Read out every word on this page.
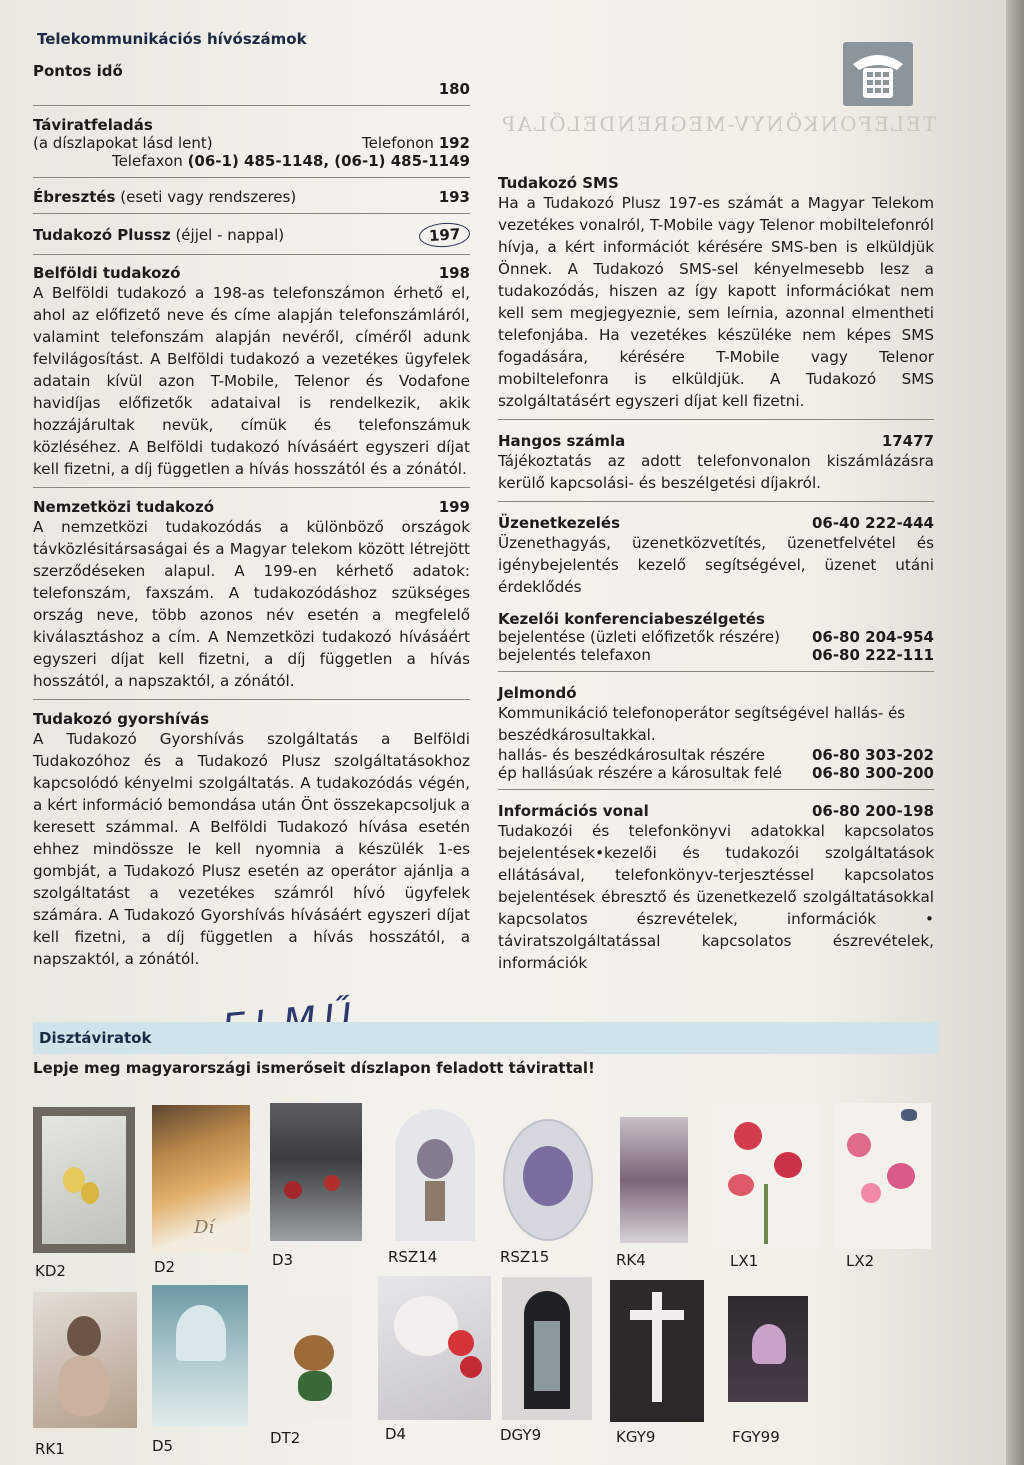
TELEFONKÖNYV-MEGRENDELŐLAP
Telekommunikációs hívószámok
Pontos idő
180
Táviratfeladás
(a díszlapokat lásd lent)	Telefonon 192
Telefaxon (06-1) 485-1148, (06-1) 485-1149
Ébresztés (eseti vagy rendszeres)	193
Tudakozó Plussz (éjjel - nappal)	197
Belföldi tudakozó	198
A Belföldi tudakozó a 198-as telefonszámon érhető el, ahol az előfizető neve és címe alapján telefonszámláról, valamint telefonszám alapján nevéről, címéről adunk felvilágosítást. A Belföldi tudakozó a vezetékes ügyfelek adatain kívül azon T-Mobile, Telenor és Vodafone havidíjas előfizetők adataival is rendelkezik, akik hozzájárultak nevük, címük és telefonszámuk közléséhez. A Belföldi tudakozó hívásáért egyszeri díjat kell fizetni, a díj független a hívás hosszától és a zónától.
Nemzetközi tudakozó	199
A nemzetközi tudakozódás a különböző országok távközlésitársaságai és a Magyar telekom között létrejött szerződéseken alapul. A 199-en kérhető adatok: telefonszám, faxszám. A tudakozódáshoz szükséges ország neve, több azonos név esetén a megfelelő kiválasztáshoz a cím. A Nemzetközi tudakozó hívásáért egyszeri díjat kell fizetni, a díj független a hívás hosszától, a napszaktól, a zónától.
Tudakozó gyorshívás
A Tudakozó Gyorshívás szolgáltatás a Belföldi Tudakozóhoz és a Tudakozó Plusz szolgáltatásokhoz kapcsolódó kényelmi szolgáltatás. A tudakozódás végén, a kért információ bemondása után Önt összekapcsoljuk a keresett számmal. A Belföldi Tudakozó hívása esetén ehhez mindössze le kell nyomnia a készülék 1-es gombját, a Tudakozó Plusz esetén az operátor ajánlja a szolgáltatást a vezetékes számról hívó ügyfelek számára. A Tudakozó Gyorshívás hívásáért egyszeri díjat kell fizetni, a díj független a hívás hosszától, a napszaktól, a zónától.
Tudakozó SMS
Ha a Tudakozó Plusz 197-es számát a Magyar Telekom vezetékes vonalról, T-Mobile vagy Telenor mobiltelefonról hívja, a kért információt kérésére SMS-ben is elküldjük Önnek. A Tudakozó SMS-sel kényelmesebb lesz a tudakozódás, hiszen az így kapott információkat nem kell sem megjegyeznie, sem leírnia, azonnal elmentheti telefonjába. Ha vezetékes készüléke nem képes SMS fogadására, kérésére T-Mobile vagy Telenor mobiltelefonra is elküldjük. A Tudakozó SMS szolgáltatásért egyszeri díjat kell fizetni.
Hangos számla	17477
Tájékoztatás az adott telefonvonalon kiszámlázásra kerülő kapcsolási- és beszélgetési díjakról.
Üzenetkezelés	06-40 222-444
Üzenethagyás, üzenetközvetítés, üzenetfelvétel és igénybejelentés kezelő segítségével, üzenet utáni érdeklődés
Kezelői konferenciabeszélgetés
bejelentése (üzleti előfizetők részére) 06-80 204-954
bejelentés telefaxon	06-80 222-111
Jelmondó
Kommunikáció telefonoperátor segítségével hallás- és beszédkárosultakkal.
hallás- és beszédkárosultak részére	06-80 303-202
ép hallásúak részére a károsultak felé 06-80 300-200
Információs vonal	06-80 200-198
Tudakozói és telefonkönyvi adatokkal kapcsolatos bejelentések•kezelői és tudakozói szolgáltatások ellátásával, telefonkönyv-terjesztéssel kapcsolatos bejelentések ébresztő és üzenetkezelő szolgáltatásokkal kapcsolatos észrevételek, információk • táviratszolgáltatással kapcsolatos észrevételek, információk
Disztáviratok
Lepje meg magyarországi ismerőseit díszlapon feladott távirattal!
Dí
KD2	D2	D3	RSZ14	RSZ15	RK4	LX1	LX2
RK1	D5	DT2	D4	DGY9	KGY9	FGY99
